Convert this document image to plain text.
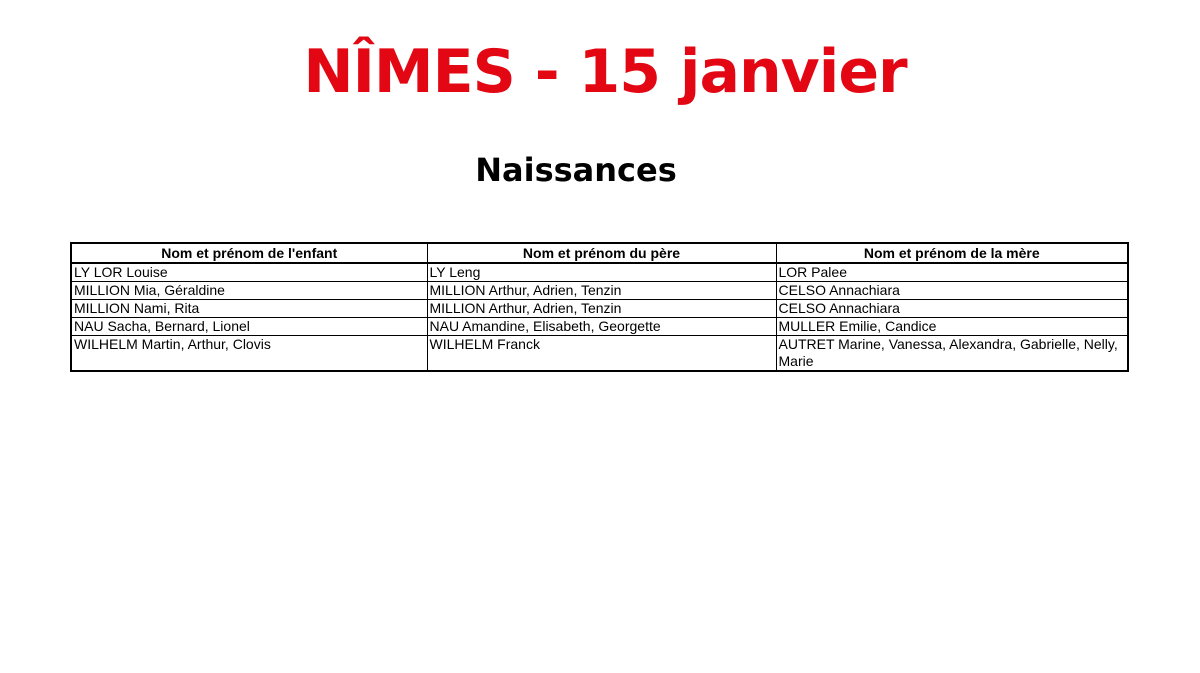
NÎMES - 15 janvier
Naissances
Nom et prénom de l'enfant	Nom et prénom du père	Nom et prénom de la mère
LY LOR Louise	LY Leng	LOR Palee
MILLION Mia, Géraldine	MILLION Arthur, Adrien, Tenzin	CELSO Annachiara
MILLION Nami, Rita	MILLION Arthur, Adrien, Tenzin	CELSO Annachiara
NAU Sacha, Bernard, Lionel	NAU Amandine, Elisabeth, Georgette	MULLER Emilie, Candice
WILHELM Martin, Arthur, Clovis	WILHELM Franck	AUTRET Marine, Vanessa, Alexandra, Gabrielle, Nelly, Marie
